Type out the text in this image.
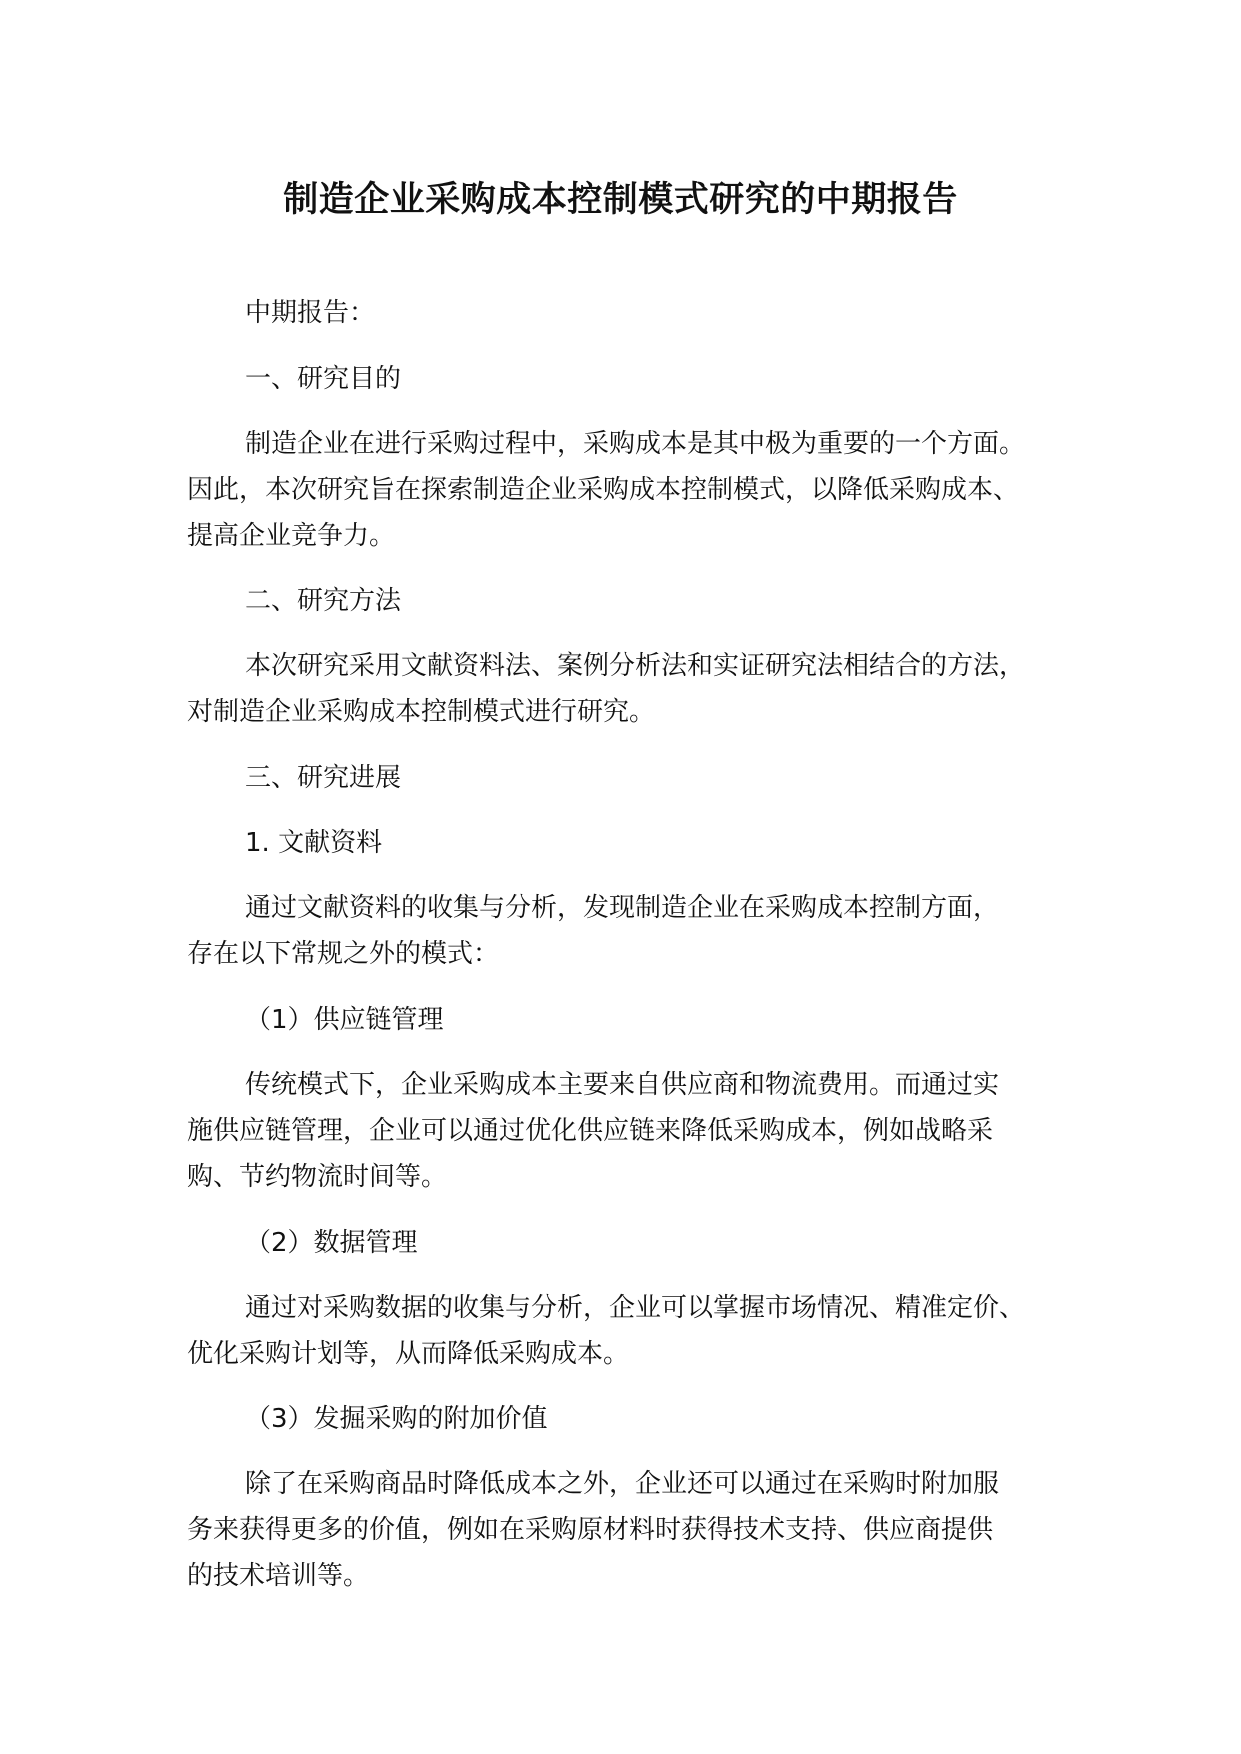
制造企业采购成本控制模式研究的中期报告

中期报告：

一、研究目的

制造企业在进行采购过程中，采购成本是其中极为重要的一个方面。
因此，本次研究旨在探索制造企业采购成本控制模式，以降低采购成本、
提高企业竞争力。

二、研究方法

本次研究采用文献资料法、案例分析法和实证研究法相结合的方法，
对制造企业采购成本控制模式进行研究。

三、研究进展

1. 文献资料

通过文献资料的收集与分析，发现制造企业在采购成本控制方面，
存在以下常规之外的模式：

（1）供应链管理

传统模式下，企业采购成本主要来自供应商和物流费用。而通过实
施供应链管理，企业可以通过优化供应链来降低采购成本，例如战略采
购、节约物流时间等。

（2）数据管理

通过对采购数据的收集与分析，企业可以掌握市场情况、精准定价、
优化采购计划等，从而降低采购成本。

（3）发掘采购的附加价值

除了在采购商品时降低成本之外，企业还可以通过在采购时附加服
务来获得更多的价值，例如在采购原材料时获得技术支持、供应商提供
的技术培训等。
